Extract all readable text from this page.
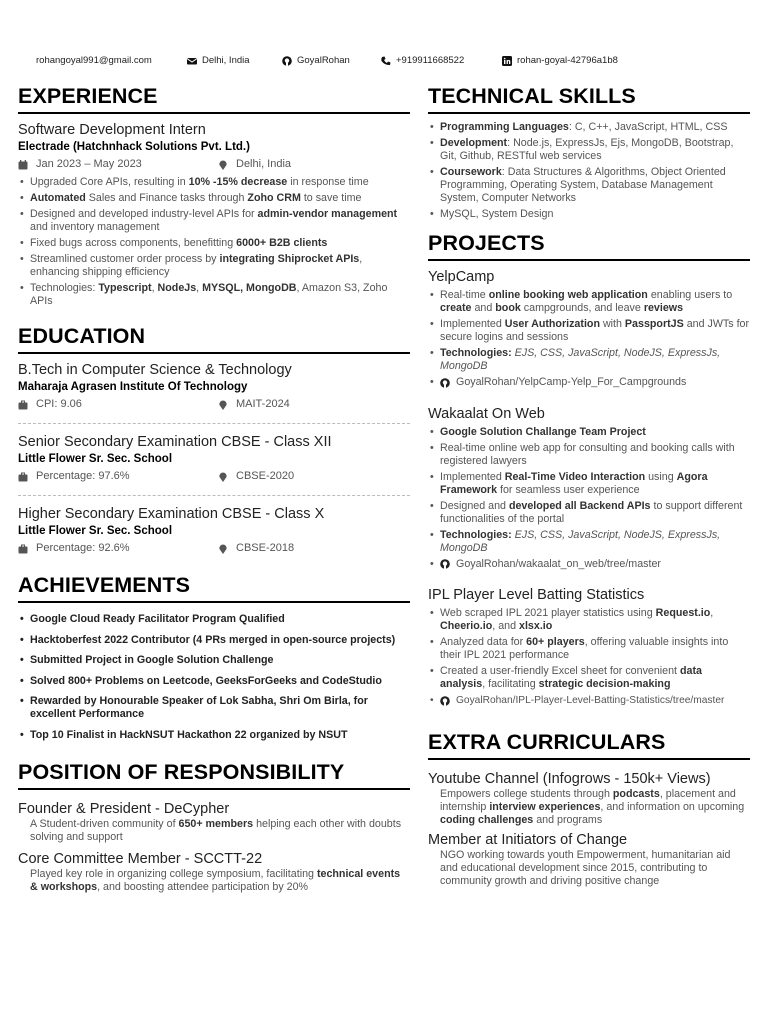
rohangoyal991@gmail.com	Delhi, India	GoyalRohan	+919911668522	rohan-goyal-42796a1b8
EXPERIENCE
Software Development Intern
Electrade (Hatchnhack Solutions Pvt. Ltd.)
Jan 2023 – May 2023	Delhi, India
• Upgraded Core APIs, resulting in 10% -15% decrease in response time
• Automated Sales and Finance tasks through Zoho CRM to save time
• Designed and developed industry-level APIs for admin-vendor management and inventory management
• Fixed bugs across components, benefitting 6000+ B2B clients
• Streamlined customer order process by integrating Shiprocket APIs, enhancing shipping efficiency
• Technologies: Typescript, NodeJs, MYSQL, MongoDB, Amazon S3, Zoho APIs
EDUCATION
B.Tech in Computer Science & Technology
Maharaja Agrasen Institute Of Technology
CPI: 9.06	MAIT-2024
Senior Secondary Examination CBSE - Class XII
Little Flower Sr. Sec. School
Percentage: 97.6%	CBSE-2020
Higher Secondary Examination CBSE - Class X
Little Flower Sr. Sec. School
Percentage: 92.6%	CBSE-2018
ACHIEVEMENTS
• Google Cloud Ready Facilitator Program Qualified
• Hacktoberfest 2022 Contributor (4 PRs merged in open-source projects)
• Submitted Project in Google Solution Challenge
• Solved 800+ Problems on Leetcode, GeeksForGeeks and CodeStudio
• Rewarded by Honourable Speaker of Lok Sabha, Shri Om Birla, for excellent Performance
• Top 10 Finalist in HackNSUT Hackathon 22 organized by NSUT
POSITION OF RESPONSIBILITY
Founder & President - DeCypher
A Student-driven community of 650+ members helping each other with doubts solving and support
Core Committee Member - SCCTT-22
Played key role in organizing college symposium, facilitating technical events & workshops, and boosting attendee participation by 20%
TECHNICAL SKILLS
• Programming Languages: C, C++, JavaScript, HTML, CSS
• Development: Node.js, ExpressJs, Ejs, MongoDB, Bootstrap, Git, Github, RESTful web services
• Coursework: Data Structures & Algorithms, Object Oriented Programming, Operating System, Database Management System, Computer Networks
• MySQL, System Design
PROJECTS
YelpCamp
• Real-time online booking web application enabling users to create and book campgrounds, and leave reviews
• Implemented User Authorization with PassportJS and JWTs for secure logins and sessions
• Technologies: EJS, CSS, JavaScript, NodeJS, ExpressJs, MongoDB
• GoyalRohan/YelpCamp-Yelp_For_Campgrounds
Wakaalat On Web
• Google Solution Challange Team Project
• Real-time online web app for consulting and booking calls with registered lawyers
• Implemented Real-Time Video Interaction using Agora Framework for seamless user experience
• Designed and developed all Backend APIs to support different functionalities of the portal
• Technologies: EJS, CSS, JavaScript, NodeJS, ExpressJs, MongoDB
• GoyalRohan/wakaalat_on_web/tree/master
IPL Player Level Batting Statistics
• Web scraped IPL 2021 player statistics using Request.io, Cheerio.io, and xlsx.io
• Analyzed data for 60+ players, offering valuable insights into their IPL 2021 performance
• Created a user-friendly Excel sheet for convenient data analysis, facilitating strategic decision-making
• GoyalRohan/IPL-Player-Level-Batting-Statistics/tree/master
EXTRA CURRICULARS
Youtube Channel (Infogrows - 150k+ Views)
Empowers college students through podcasts, placement and internship interview experiences, and information on upcoming coding challenges and programs
Member at Initiators of Change
NGO working towards youth Empowerment, humanitarian aid and educational development since 2015, contributing to community growth and driving positive change
